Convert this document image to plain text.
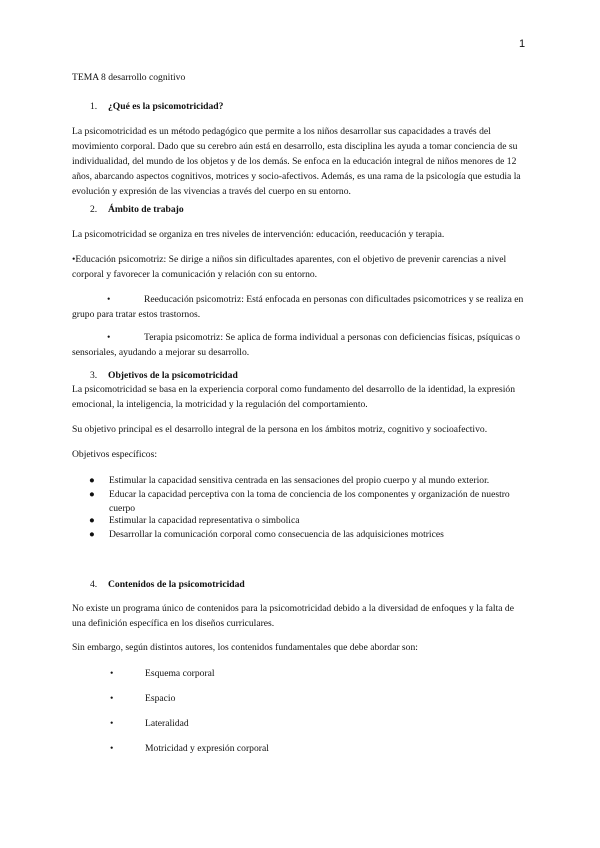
1

TEMA 8 desarrollo cognitivo

1. ¿Qué es la psicomotricidad?

La psicomotricidad es un método pedagógico que permite a los niños desarrollar sus capacidades a través del movimiento corporal. Dado que su cerebro aún está en desarrollo, esta disciplina les ayuda a tomar conciencia de su individualidad, del mundo de los objetos y de los demás. Se enfoca en la educación integral de niños menores de 12 años, abarcando aspectos cognitivos, motrices y socio-afectivos. Además, es una rama de la psicología que estudia la evolución y expresión de las vivencias a través del cuerpo en su entorno.

2. Ámbito de trabajo

La psicomotricidad se organiza en tres niveles de intervención: educación, reeducación y terapia.

•Educación psicomotriz: Se dirige a niños sin dificultades aparentes, con el objetivo de prevenir carencias a nivel corporal y favorecer la comunicación y relación con su entorno.

•	Reeducación psicomotriz: Está enfocada en personas con dificultades psicomotrices y se realiza en grupo para tratar estos trastornos.

•	Terapia psicomotriz: Se aplica de forma individual a personas con deficiencias físicas, psíquicas o sensoriales, ayudando a mejorar su desarrollo.

3. Objetivos de la psicomotricidad

La psicomotricidad se basa en la experiencia corporal como fundamento del desarrollo de la identidad, la expresión emocional, la inteligencia, la motricidad y la regulación del comportamiento.

Su objetivo principal es el desarrollo integral de la persona en los ámbitos motriz, cognitivo y socioafectivo.

Objetivos específicos:

● Estimular la capacidad sensitiva centrada en las sensaciones del propio cuerpo y al mundo exterior.
● Educar la capacidad perceptiva con la toma de conciencia de los componentes y organización de nuestro cuerpo
● Estimular la capacidad representativa o simbolica
● Desarrollar la comunicación corporal como consecuencia de las adquisiciones motrices

4. Contenidos de la psicomotricidad

No existe un programa único de contenidos para la psicomotricidad debido a la diversidad de enfoques y la falta de una definición específica en los diseños curriculares.

Sin embargo, según distintos autores, los contenidos fundamentales que debe abordar son:

•	Esquema corporal
•	Espacio
•	Lateralidad
•	Motricidad y expresión corporal
